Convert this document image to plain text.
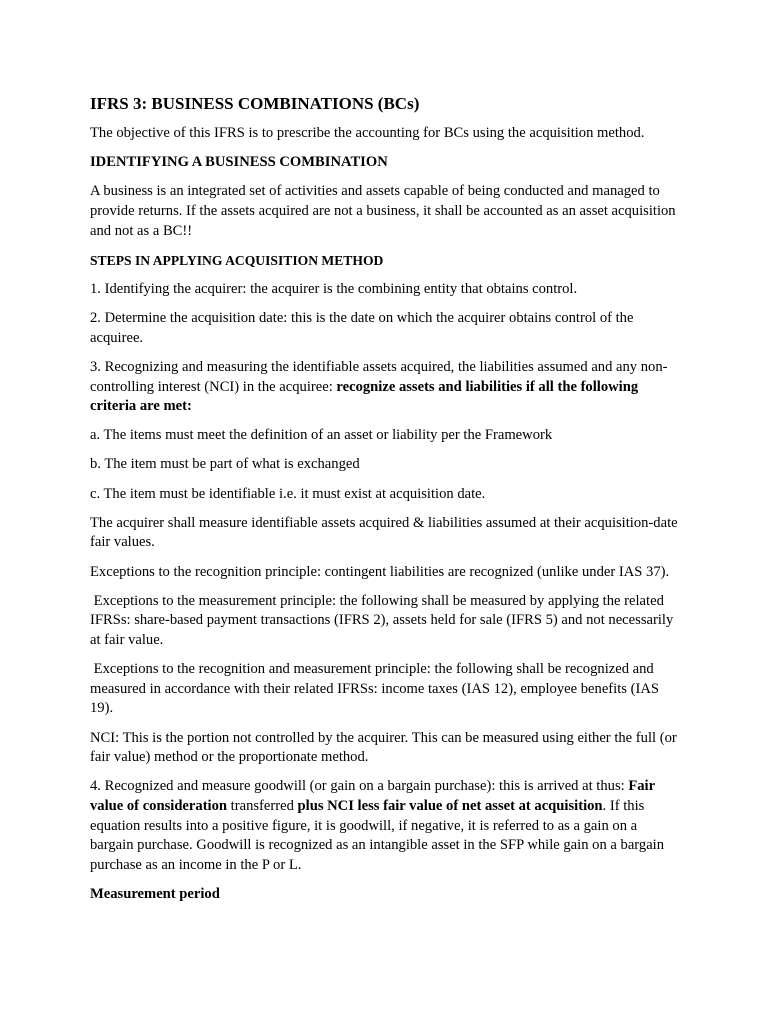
IFRS 3: BUSINESS COMBINATIONS (BCs)

The objective of this IFRS is to prescribe the accounting for BCs using the acquisition method.

IDENTIFYING A BUSINESS COMBINATION

A business is an integrated set of activities and assets capable of being conducted and managed to provide returns. If the assets acquired are not a business, it shall be accounted as an asset acquisition and not as a BC!!

STEPS IN APPLYING ACQUISITION METHOD

1. Identifying the acquirer: the acquirer is the combining entity that obtains control.

2. Determine the acquisition date: this is the date on which the acquirer obtains control of the acquiree.

3. Recognizing and measuring the identifiable assets acquired, the liabilities assumed and any non-controlling interest (NCI) in the acquiree: recognize assets and liabilities if all the following criteria are met:

a. The items must meet the definition of an asset or liability per the Framework

b. The item must be part of what is exchanged

c. The item must be identifiable i.e. it must exist at acquisition date.

The acquirer shall measure identifiable assets acquired & liabilities assumed at their acquisition-date fair values.

Exceptions to the recognition principle: contingent liabilities are recognized (unlike under IAS 37).

Exceptions to the measurement principle: the following shall be measured by applying the related IFRSs: share-based payment transactions (IFRS 2), assets held for sale (IFRS 5) and not necessarily at fair value.

Exceptions to the recognition and measurement principle: the following shall be recognized and measured in accordance with their related IFRSs: income taxes (IAS 12), employee benefits (IAS 19).

NCI: This is the portion not controlled by the acquirer. This can be measured using either the full (or fair value) method or the proportionate method.

4. Recognized and measure goodwill (or gain on a bargain purchase): this is arrived at thus: Fair value of consideration transferred plus NCI less fair value of net asset at acquisition. If this equation results into a positive figure, it is goodwill, if negative, it is referred to as a gain on a bargain purchase. Goodwill is recognized as an intangible asset in the SFP while gain on a bargain purchase as an income in the P or L.

Measurement period
